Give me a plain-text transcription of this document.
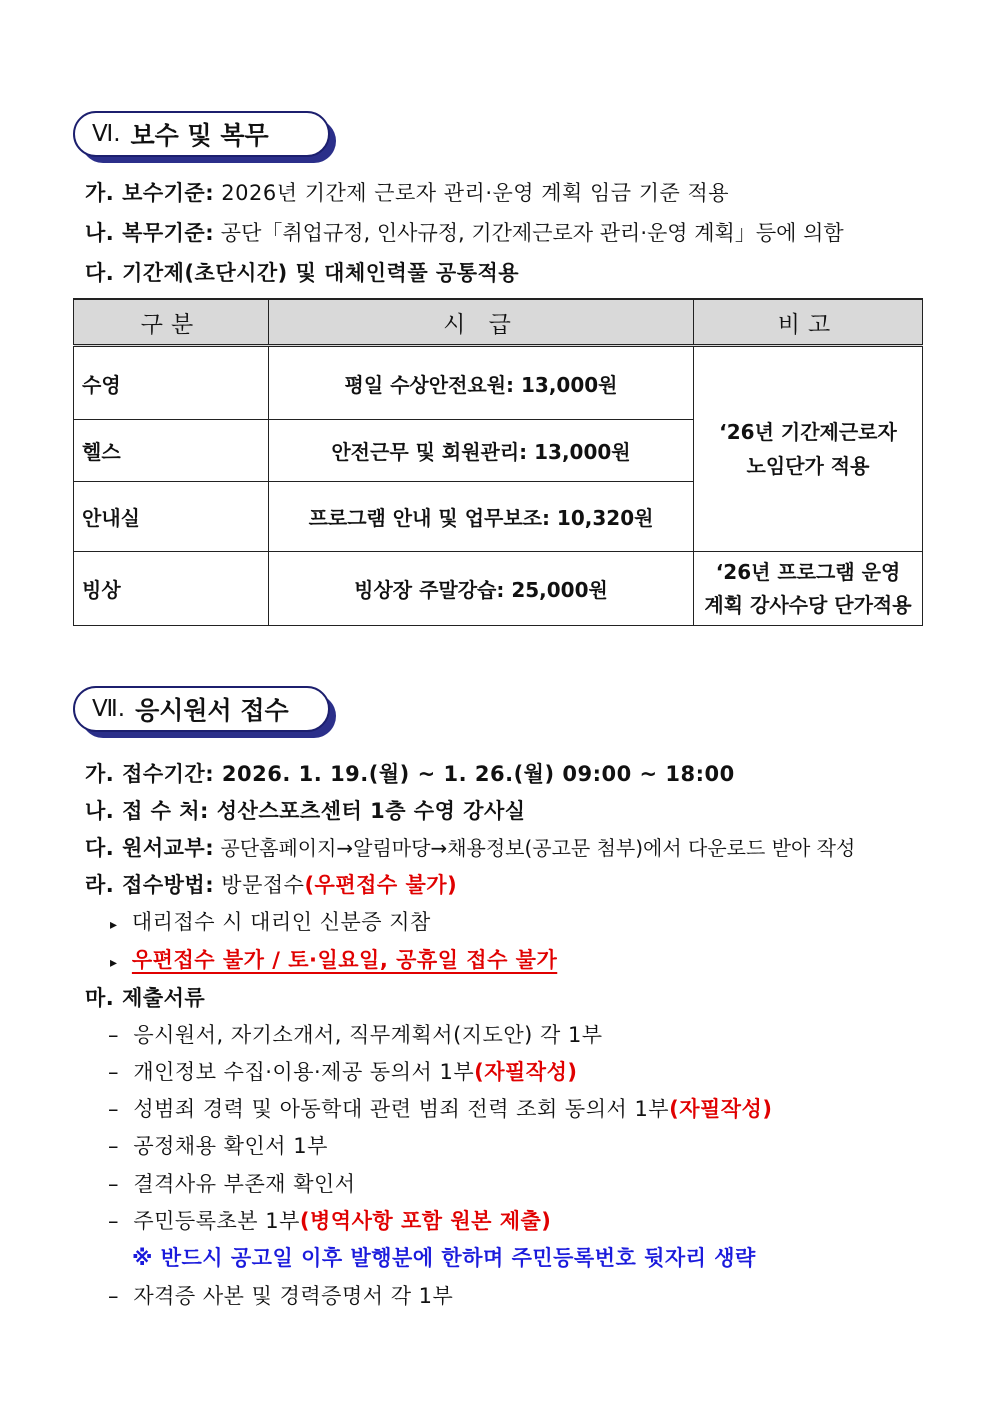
Ⅵ. 보수 및 복무
가. 보수기준: 2026년 기간제 근로자 관리·운영 계획 임금 기준 적용
나. 복무기준: 공단「취업규정, 인사규정, 기간제근로자 관리·운영 계획」등에 의함
다. 기간제(초단시간) 및 대체인력풀 공통적용
구분	시 급	비고
수영	평일 수상안전요원: 13,000원	‘26년 기간제근로자
노임단가 적용

헬스	안전근무 및 회원관리: 13,000원	
안내실	프로그램 안내 및 업무보조: 10,320원	
빙상	빙상장 주말강습: 25,000원	‘26년 프로그램 운영
계획 강사수당 단가적용
Ⅶ. 응시원서 접수
가. 접수기간: 2026. 1. 19.(월) ~ 1. 26.(월) 09:00 ~ 18:00
나. 접 수 처: 성산스포츠센터 1층 수영 강사실
다. 원서교부: 공단홈페이지→알림마당→채용정보(공고문 첨부)에서 다운로드 받아 작성
라. 접수방법: 방문접수(우편접수 불가)
▸ 대리접수 시 대리인 신분증 지참
▸ 우편접수 불가 / 토·일요일, 공휴일 접수 불가
마. 제출서류
–  응시원서, 자기소개서, 직무계획서(지도안) 각 1부
–  개인정보 수집·이용·제공 동의서 1부(자필작성)
–  성범죄 경력 및 아동학대 관련 범죄 전력 조회 동의서 1부(자필작성)
–  공정채용 확인서 1부
–  결격사유 부존재 확인서
–  주민등록초본 1부(병역사항 포함 원본 제출)
※ 반드시 공고일 이후 발행분에 한하며 주민등록번호 뒷자리 생략
–  자격증 사본 및 경력증명서 각 1부
